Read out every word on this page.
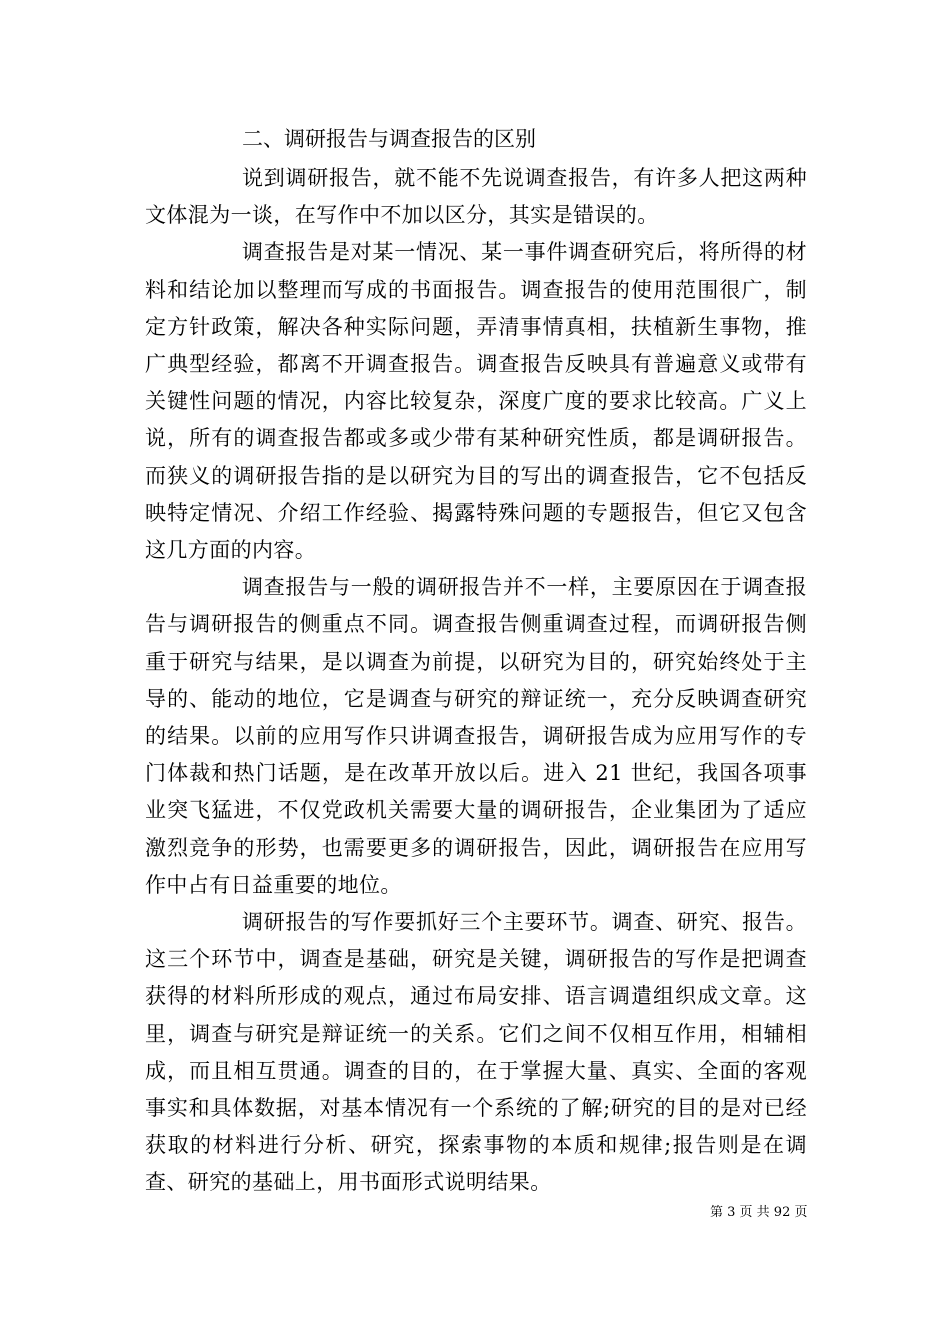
二、调研报告与调查报告的区别

说到调研报告，就不能不先说调查报告，有许多人把这两种文体混为一谈，在写作中不加以区分，其实是错误的。

调查报告是对某一情况、某一事件调查研究后，将所得的材料和结论加以整理而写成的书面报告。调查报告的使用范围很广，制定方针政策，解决各种实际问题，弄清事情真相，扶植新生事物，推广典型经验，都离不开调查报告。调查报告反映具有普遍意义或带有关键性问题的情况，内容比较复杂，深度广度的要求比较高。广义上说，所有的调查报告都或多或少带有某种研究性质，都是调研报告。而狭义的调研报告指的是以研究为目的写出的调查报告，它不包括反映特定情况、介绍工作经验、揭露特殊问题的专题报告，但它又包含这几方面的内容。

调查报告与一般的调研报告并不一样，主要原因在于调查报告与调研报告的侧重点不同。调查报告侧重调查过程，而调研报告侧重于研究与结果，是以调查为前提，以研究为目的，研究始终处于主导的、能动的地位，它是调查与研究的辩证统一，充分反映调查研究的结果。以前的应用写作只讲调查报告，调研报告成为应用写作的专门体裁和热门话题，是在改革开放以后。进入 21 世纪，我国各项事业突飞猛进，不仅党政机关需要大量的调研报告，企业集团为了适应激烈竞争的形势，也需要更多的调研报告，因此，调研报告在应用写作中占有日益重要的地位。

调研报告的写作要抓好三个主要环节。调查、研究、报告。这三个环节中，调查是基础，研究是关键，调研报告的写作是把调查获得的材料所形成的观点，通过布局安排、语言调遣组织成文章。这里，调查与研究是辩证统一的关系。它们之间不仅相互作用，相辅相成，而且相互贯通。调查的目的，在于掌握大量、真实、全面的客观事实和具体数据，对基本情况有一个系统的了解;研究的目的是对已经获取的材料进行分析、研究，探索事物的本质和规律;报告则是在调查、研究的基础上，用书面形式说明结果。

第 3 页 共 92 页
